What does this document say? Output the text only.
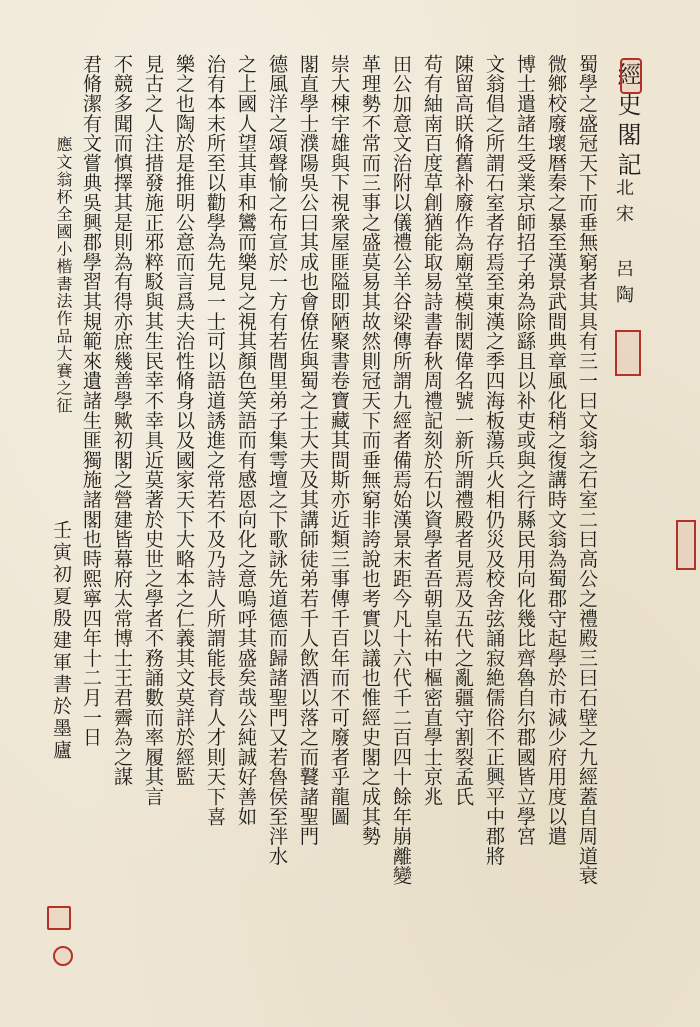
經史閣記
北宋 呂陶
蜀學之盛冠天下而垂無窮者其具有三一曰文翁之石室二曰高公之禮殿三曰石壁之九經蓋自周道衰
微鄉校廢壞暦秦之暴至漢景武間典章風化稍之復講時文翁為蜀郡守起學於市減少府用度以遣
博士遣諸生受業京師招子弟為除繇且以补吏或與之行縣民用向化幾比齊魯自尔郡國皆立學宮
文翁倡之所謂石室者存焉至東漢之季四海板蕩兵火相仍災及校舍弦誦寂絶儒俗不正興平中郡將
陳留高眹脩舊补廢作為廟堂模制閎偉名號一新所謂禮殿者見焉及五代之亂疆守割裂孟氏
苟有紬南百度草創猶能取易詩書春秋周禮記刻於石以資學者吾朝皇祐中樞密直學士京兆
田公加意文治附以儀禮公羊谷梁傳所謂九經者備焉始漢景末距今凡十六代千二百四十餘年崩離變
革理勢不常而三事之盛莫易其故然則冠天下而垂無窮非誇說也考實以議也惟經史閣之成其勢
崇大棟宇雄與下視衆屋匪隘即陋聚書卷寶藏其間斯亦近類三事傳千百年而不可廢者乎龍圖
閣直學士濮陽吳公曰其成也會僚佐與蜀之士大夫及其講師徒弟若千人飲酒以落之而鼚諸聖門
德風洋之頌聲愉之布宣於一方有若閭里弟子集雩壇之下歌詠先道德而歸諸聖門又若魯侯至泮水
之上國人望其車和鸞而樂見之視其顏色笑語而有感恩向化之意嗚呼其盛矣哉公純誠好善如
治有本末所至以勸學為先見一士可以語道誘進之常若不及乃詩人所謂能長育人才則天下喜
樂之也陶於是推明公意而言爲夫治性脩身以及國家天下大略本之仁義其文莫詳於經監
見古之人注措發施正邪粹駁與其生民幸不幸具近莫著於史世之學者不務誦數而率履其言
不競多聞而慎擇其是則為有得亦庶幾善學歟初閣之營建皆幕府太常博士王君霽為之謀
君脩潔有文嘗典吳興郡學習其規範來遺諸生匪獨施諸閣也時熙寧四年十二月一日
應文翁杯全國小楷書法作品大賽之征
壬寅初夏殷建軍書於墨廬
